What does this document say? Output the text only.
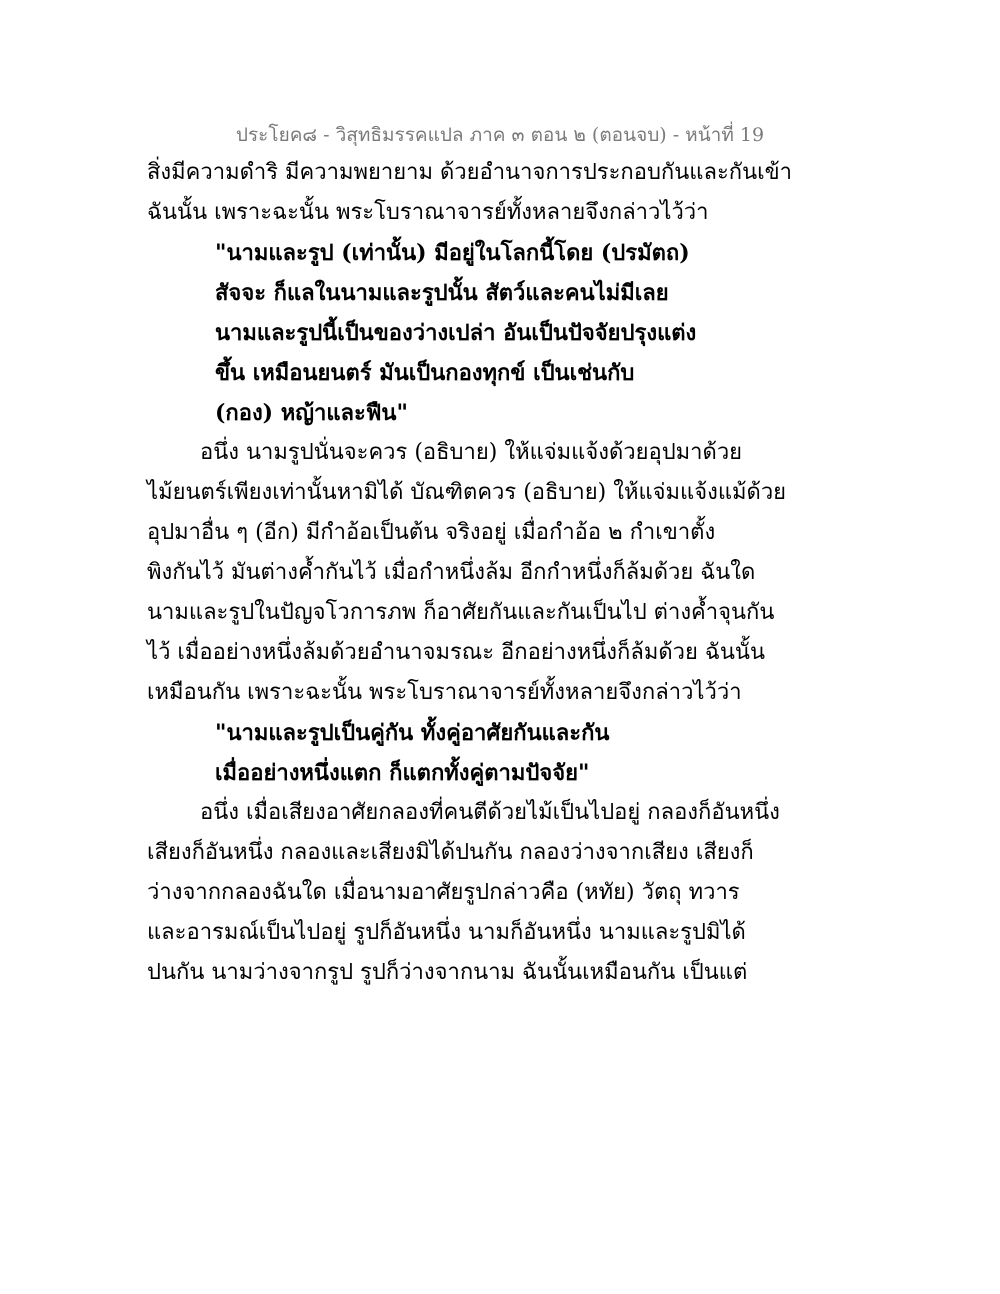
ประโยค๘ - วิสุทธิมรรคแปล ภาค ๓ ตอน ๒ (ตอนจบ) - หน้าที่ 19
สิ่งมีความดำริ มีความพยายาม ด้วยอำนาจการประกอบกันและกันเข้า
ฉันนั้น เพราะฉะนั้น พระโบราณาจารย์ทั้งหลายจึงกล่าวไว้ว่า
"นามและรูป (เท่านั้น) มีอยู่ในโลกนี้โดย (ปรมัตถ)
สัจจะ ก็แลในนามและรูปนั้น สัตว์และคนไม่มีเลย
นามและรูปนี้เป็นของว่างเปล่า อันเป็นปัจจัยปรุงแต่ง
ขึ้น เหมือนยนตร์ มันเป็นกองทุกข์ เป็นเช่นกับ
(กอง) หญ้าและฟืน"
อนึ่ง นามรูปนั่นจะควร (อธิบาย) ให้แจ่มแจ้งด้วยอุปมาด้วย
ไม้ยนตร์เพียงเท่านั้นหามิได้ บัณฑิตควร (อธิบาย) ให้แจ่มแจ้งแม้ด้วย
อุปมาอื่น ๆ (อีก) มีกำอ้อเป็นต้น จริงอยู่ เมื่อกำอ้อ ๒ กำเขาตั้ง
พิงกันไว้ มันต่างค้ำกันไว้ เมื่อกำหนึ่งล้ม อีกกำหนึ่งก็ล้มด้วย ฉันใด
นามและรูปในปัญจโวการภพ ก็อาศัยกันและกันเป็นไป ต่างค้ำจุนกัน
ไว้ เมื่ออย่างหนึ่งล้มด้วยอำนาจมรณะ อีกอย่างหนึ่งก็ล้มด้วย ฉันนั้น
เหมือนกัน เพราะฉะนั้น พระโบราณาจารย์ทั้งหลายจึงกล่าวไว้ว่า
"นามและรูปเป็นคู่กัน ทั้งคู่อาศัยกันและกัน
เมื่ออย่างหนึ่งแตก ก็แตกทั้งคู่ตามปัจจัย"
อนึ่ง เมื่อเสียงอาศัยกลองที่คนตีด้วยไม้เป็นไปอยู่ กลองก็อันหนึ่ง
เสียงก็อันหนึ่ง กลองและเสียงมิได้ปนกัน กลองว่างจากเสียง เสียงก็
ว่างจากกลองฉันใด เมื่อนามอาศัยรูปกล่าวคือ (หทัย) วัตถุ ทวาร
และอารมณ์เป็นไปอยู่ รูปก็อันหนึ่ง นามก็อันหนึ่ง นามและรูปมิได้
ปนกัน นามว่างจากรูป รูปก็ว่างจากนาม ฉันนั้นเหมือนกัน เป็นแต่
